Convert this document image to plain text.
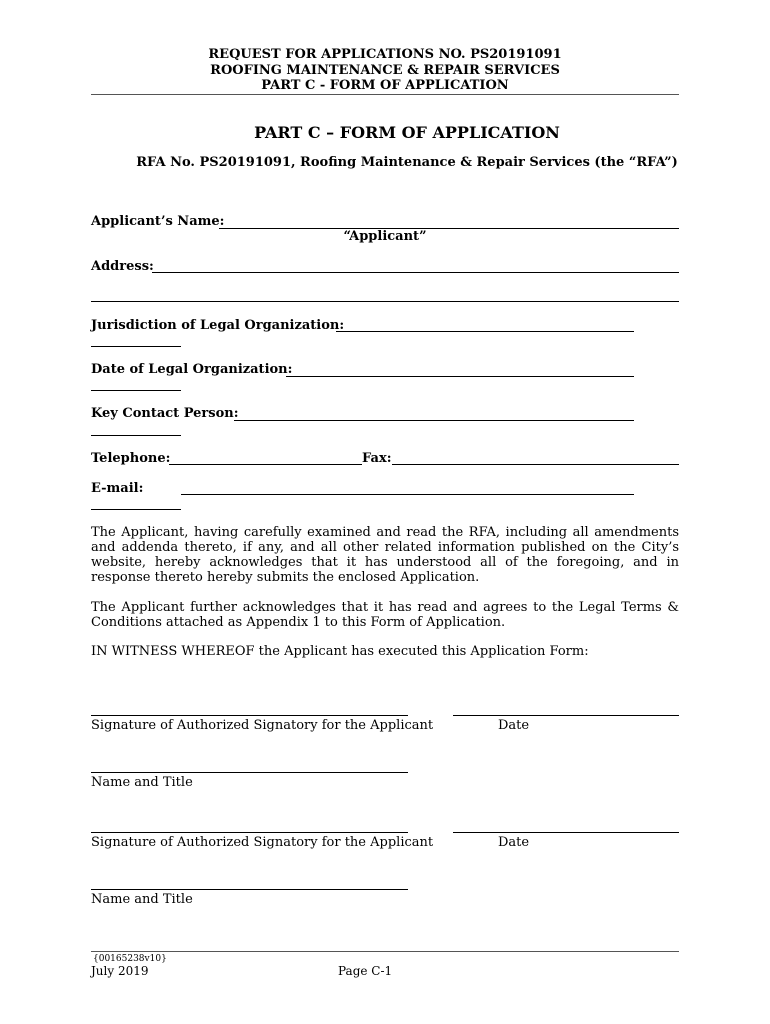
REQUEST FOR APPLICATIONS NO. PS20191091
ROOFING MAINTENANCE & REPAIR SERVICES
PART C - FORM OF APPLICATION
PART C – FORM OF APPLICATION
RFA No. PS20191091, Roofing Maintenance & Repair Services (the “RFA”)
Applicant’s Name:
“Applicant”
Address:
Jurisdiction of Legal Organization:
Date of Legal Organization:
Key Contact Person:
Telephone:	Fax:
E-mail:
The Applicant, having carefully examined and read the RFA, including all amendments and addenda thereto, if any, and all other related information published on the City’s website, hereby acknowledges that it has understood all of the foregoing, and in response thereto hereby submits the enclosed Application.
The Applicant further acknowledges that it has read and agrees to the Legal Terms & Conditions attached as Appendix 1 to this Form of Application.
IN WITNESS WHEREOF the Applicant has executed this Application Form:
Signature of Authorized Signatory for the Applicant	Date
Name and Title
Signature of Authorized Signatory for the Applicant	Date
Name and Title
{00165238v10}
July 2019	Page C-1
